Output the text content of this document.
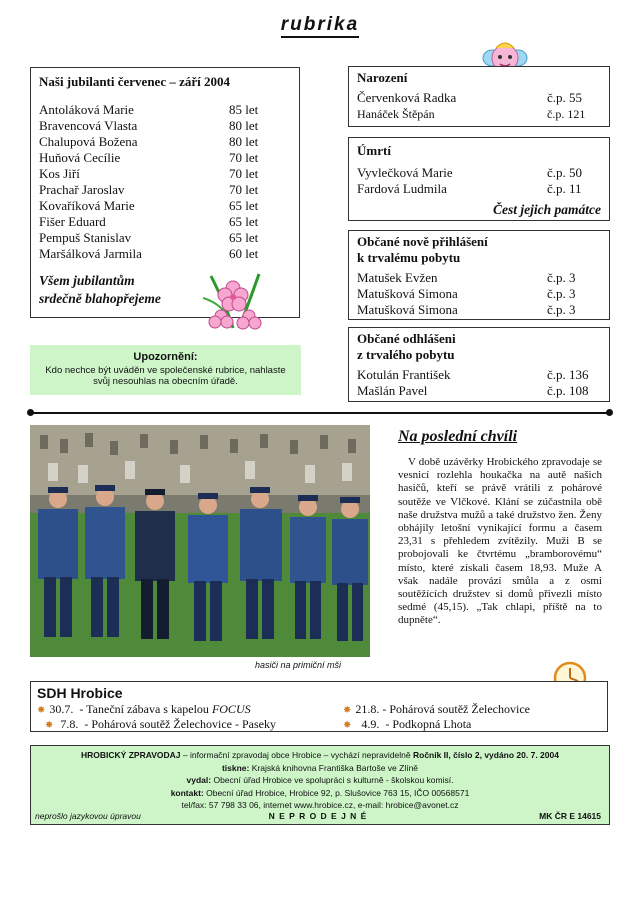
rubrika
Naši jubilanti červenec – září 2004
Antoláková Marie	85 let
Bravencová Vlasta	80 let
Chalupová Božena	80 let
Huňová Cecílie	70 let
Kos Jiří	70 let
Prachař Jaroslav	70 let
Kovaříková Marie	65 let
Fišer Eduard	65 let
Pempuš Stanislav	65 let
Maršálková Jarmila	60 let
Všem jubilantům
srdečně blahopřejeme
Upozornění:
Kdo nechce být uváděn ve společenské rubrice, nahlaste
svůj nesouhlas na obecním úřadě.
Narození
Červenková Radka	č.p. 55
Hanáček Štěpán	č.p. 121
Úmrtí
Vyvlečková Marie	č.p. 50
Fardová Ludmila	č.p. 11
Čest jejich památce
Občané nově přihlášení
k trvalému pobytu
Matušek Evžen	č.p. 3
Matušková Simona	č.p. 3
Matušková Simona	č.p. 3
Občané odhlášeni
z trvalého pobytu
Kotulán František	č.p. 136
Mašlán Pavel	č.p. 108
hasiči na primiční mši
Na poslední chvíli
V době uzávěrky Hrobického zpravodaje se vesnicí rozlehla houkačka na autě našich hasičů, kteří se právě vrátili z pohárové soutěže ve Vlčkové. Klání se zúčastnila obě naše družstva mužů a také družstvo žen. Ženy obhájily letošní vynikající formu a časem 23,31 s přehledem zvítězily. Muži B se probojovali ke čtvrtému „bramborovému“ místo, které získali časem 18,93. Muže A však nadále provází smůla a z osmi soutěžících družstev si domů přivezli místo sedmé (45,15). „Tak chlapi, příště na to dupněte“.
SDH Hrobice
✸ 30.7. - Taneční zábava s kapelou FOCUS
✸ 7.8. - Pohárová soutěž Želechovice - Paseky
✸ 21.8. - Pohárová soutěž Želechovice
✸ 4.9. - Podkopná Lhota
HROBICKÝ ZPRAVODAJ – informační zpravodaj obce Hrobice – vychází nepravidelně Ročník II, číslo 2, vydáno 20. 7. 2004
tiskne: Krajská knihovna Františka Bartoše ve Zlíně
vydal: Obecní úřad Hrobice ve spolupráci s kulturně - školskou komisí.
kontakt: Obecní úřad Hrobice, Hrobice 92, p. Slušovice 763 15, IČO 00568571
tel/fax: 57 798 33 06, internet www.hrobice.cz, e-mail: hrobice@avonet.cz
neprošlo jazykovou úpravou	N E P R O D E J N É	MK ČR E 14615
